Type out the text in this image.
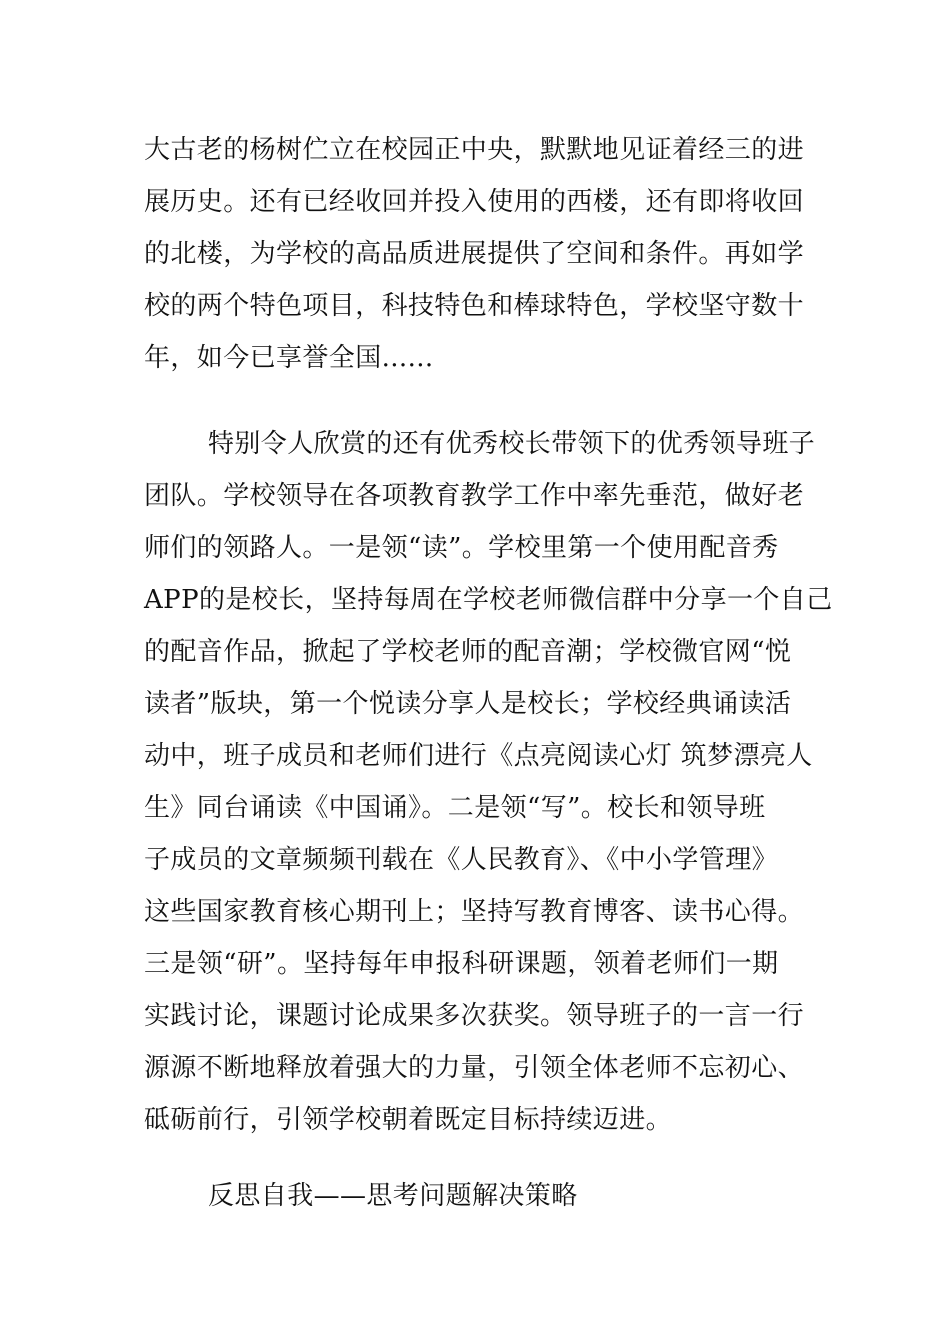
大古老的杨树伫立在校园正中央，默默地见证着经三的进
展历史。还有已经收回并投入使用的西楼，还有即将收回
的北楼，为学校的高品质进展提供了空间和条件。再如学
校的两个特色项目，科技特色和棒球特色，学校坚守数十
年，如今已享誉全国......
特别令人欣赏的还有优秀校长带领下的优秀领导班子
团队。学校领导在各项教育教学工作中率先垂范，做好老
师们的领路人。一是领“读”。学校里第一个使用配音秀
APP的是校长，坚持每周在学校老师微信群中分享一个自己
的配音作品，掀起了学校老师的配音潮；学校微官网“悦
读者”版块，第一个悦读分享人是校长；学校经典诵读活
动中，班子成员和老师们进行《点亮阅读心灯 筑梦漂亮人
生》同台诵读《中国诵》。二是领“写”。校长和领导班
子成员的文章频频刊载在《人民教育》、《中小学管理》
这些国家教育核心期刊上；坚持写教育博客、读书心得。
三是领“研”。坚持每年申报科研课题，领着老师们一期
实践讨论，课题讨论成果多次获奖。领导班子的一言一行
源源不断地释放着强大的力量，引领全体老师不忘初心、
砥砺前行，引领学校朝着既定目标持续迈进。
反思自我——思考问题解决策略
